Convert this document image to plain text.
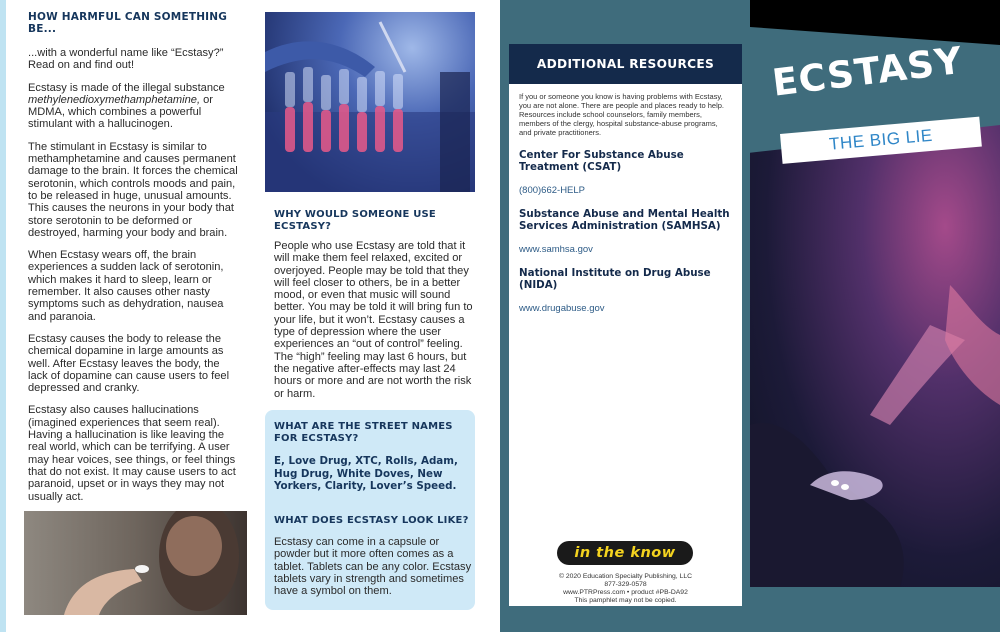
HOW HARMFUL CAN SOMETHING BE...

...with a wonderful name like “Ecstasy?” Read on and find out!

Ecstasy is made of the illegal substance methylenedioxymethamphetamine, or MDMA, which combines a powerful stimulant with a hallucinogen.

The stimulant in Ecstasy is similar to methamphetamine and causes permanent damage to the brain. It forces the chemical serotonin, which controls moods and pain, to be released in huge, unusual amounts. This causes the neurons in your body that store serotonin to be deformed or destroyed, harming your body and brain.

When Ecstasy wears off, the brain experiences a sudden lack of serotonin, which makes it hard to sleep, learn or remember. It also causes other nasty symptoms such as dehydration, nausea and paranoia.

Ecstasy causes the body to release the chemical dopamine in large amounts as well. After Ecstasy leaves the body, the lack of dopamine can cause users to feel depressed and cranky.

Ecstasy also causes hallucinations (imagined experiences that seem real). Having a hallucination is like leaving the real world, which can be terrifying. A user may hear voices, see things, or feel things that do not exist. It may cause users to act paranoid, upset or in ways they may not usually act.

WHY WOULD SOMEONE USE ECSTASY?

People who use Ecstasy are told that it will make them feel relaxed, excited or overjoyed. People may be told that they will feel closer to others, be in a better mood, or even that music will sound better. You may be told it will bring fun to your life, but it won’t. Ecstasy causes a type of depression where the user experiences an “out of control” feeling. The “high” feeling may last 6 hours, but the negative after-effects may last 24 hours or more and are not worth the risk or harm.

WHAT ARE THE STREET NAMES FOR ECSTASY?

E, Love Drug, XTC, Rolls, Adam, Hug Drug, White Doves, New Yorkers, Clarity, Lover’s Speed.

WHAT DOES ECSTASY LOOK LIKE?

Ecstasy can come in a capsule or powder but it more often comes as a tablet. Tablets can be any color. Ecstasy tablets vary in strength and sometimes have a symbol on them.

ADDITIONAL RESOURCES

If you or someone you know is having problems with Ecstasy, you are not alone. There are people and places ready to help. Resources include school counselors, family members, members of the clergy, hospital substance-abuse programs, and private practitioners.

Center For Substance Abuse Treatment (CSAT)
(800)662-HELP
Substance Abuse and Mental Health Services Administration (SAMHSA)
www.samhsa.gov
National Institute on Drug Abuse (NIDA)
www.drugabuse.gov
in the know
© 2020 Education Specialty Publishing, LLC
877-329-0578
www.PTRPress.com • product #PB-DA92
This pamphlet may not be copied.
ECSTASY
THE BIG LIE
